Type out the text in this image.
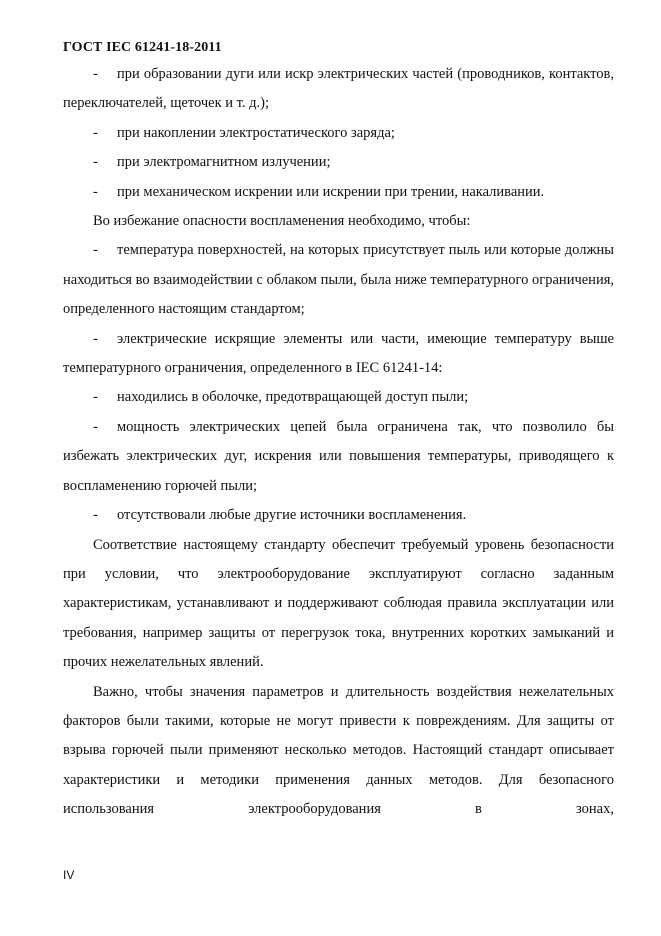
ГОСТ IEC 61241-18-2011

- при образовании дуги или искр электрических частей (проводников, контактов, переключателей, щеточек и т. д.);

- при накоплении электростатического заряда;

- при электромагнитном излучении;

- при механическом искрении или искрении при трении, накаливании.

Во избежание опасности воспламенения необходимо, чтобы:

- температура поверхностей, на которых присутствует пыль или которые должны находиться во взаимодействии с облаком пыли, была ниже температурного ограничения, определенного настоящим стандартом;

- электрические искрящие элементы или части, имеющие температуру выше температурного ограничения, определенного в IEC 61241-14:

- находились в оболочке, предотвращающей доступ пыли;

- мощность электрических цепей была ограничена так, что позволило бы избежать электрических дуг, искрения или повышения температуры, приводящего к воспламенению горючей пыли;

- отсутствовали любые другие источники воспламенения.

Соответствие настоящему стандарту обеспечит требуемый уровень безопасности при условии, что электрооборудование эксплуатируют согласно заданным характеристикам, устанавливают и поддерживают соблюдая правила эксплуатации или требования, например защиты от перегрузок тока, внутренних коротких замыканий и прочих нежелательных явлений.

Важно, чтобы значения параметров и длительность воздействия нежелательных факторов были такими, которые не могут привести к повреждениям. Для защиты от взрыва горючей пыли применяют несколько методов. Настоящий стандарт описывает характеристики и методики применения данных методов. Для безопасного использования электрооборудования в зонах,

IV
